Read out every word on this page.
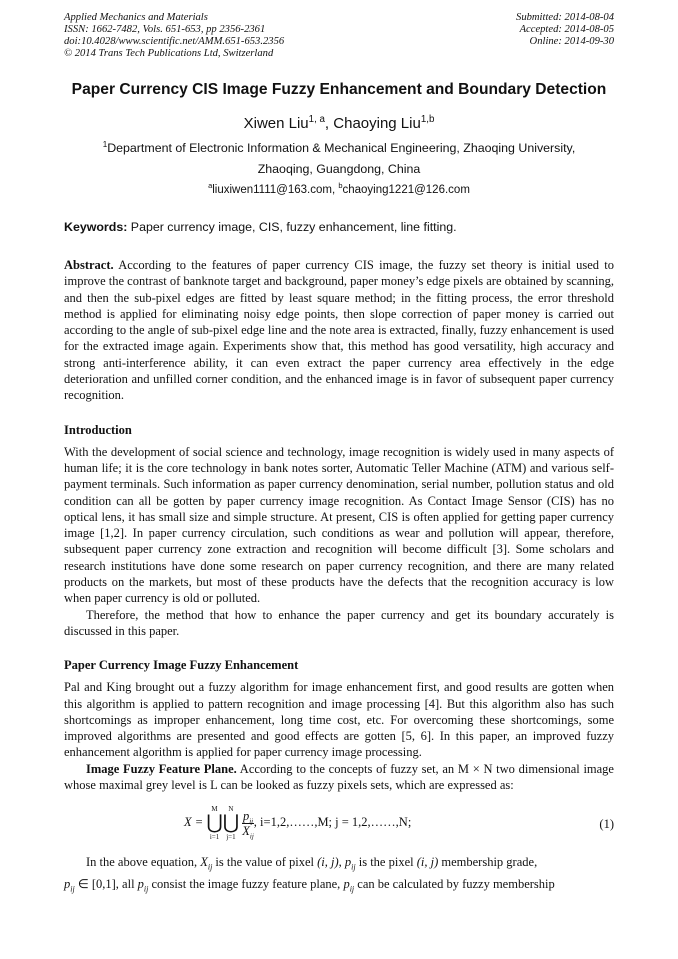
Applied Mechanics and Materials
ISSN: 1662-7482, Vols. 651-653, pp 2356-2361
doi:10.4028/www.scientific.net/AMM.651-653.2356
© 2014 Trans Tech Publications Ltd, Switzerland
Submitted: 2014-08-04
Accepted: 2014-08-05
Online: 2014-09-30
Paper Currency CIS Image Fuzzy Enhancement and Boundary Detection
Xiwen Liu$^{1, a}$, Chaoying Liu$^{1,b}$
$^1$Department of Electronic Information & Mechanical Engineering, Zhaoqing University,
Zhaoqing, Guangdong, China
$^a$liuxiwen1111@163.com, $^b$chaoying1221@126.com
Keywords: Paper currency image, CIS, fuzzy enhancement, line fitting.

Abstract. According to the features of paper currency CIS image, the fuzzy set theory is initial used to improve the contrast of banknote target and background, paper money’s edge pixels are obtained by scanning, and then the sub-pixel edges are fitted by least square method; in the fitting process, the error threshold method is applied for eliminating noisy edge points, then slope correction of paper money is carried out according to the angle of sub-pixel edge line and the note area is extracted, finally, fuzzy enhancement is used for the extracted image again. Experiments show that, this method has good versatility, high accuracy and strong anti-interference ability, it can even extract the paper currency area effectively in the edge deterioration and unfilled corner condition, and the enhanced image is in favor of subsequent paper currency recognition.

Introduction

With the development of social science and technology, image recognition is widely used in many aspects of human life; it is the core technology in bank notes sorter, Automatic Teller Machine (ATM) and various self-payment terminals. Such information as paper currency denomination, serial number, pollution status and old condition can all be gotten by paper currency image recognition. As Contact Image Sensor (CIS) has no optical lens, it has small size and simple structure. At present, CIS is often applied for getting paper currency image [1,2]. In paper currency circulation, such conditions as wear and pollution will appear, therefore, subsequent paper currency zone extraction and recognition will become difficult [3]. Some scholars and research institutions have done some research on paper currency recognition, and there are many related products on the markets, but most of these products have the defects that the recognition accuracy is low when paper currency is old or polluted.

Therefore, the method that how to enhance the paper currency and get its boundary accurately is discussed in this paper.

Paper Currency Image Fuzzy Enhancement

Pal and King brought out a fuzzy algorithm for image enhancement first, and good results are gotten when this algorithm is applied to pattern recognition and image processing [4]. But this algorithm also has such shortcomings as improper enhancement, long time cost, etc. For overcoming these shortcomings, some improved algorithms are presented and good effects are gotten [5, 6]. In this paper, an improved fuzzy enhancement algorithm is applied for paper currency image processing.

Image Fuzzy Feature Plane. According to the concepts of fuzzy set, an M × N two dimensional image whose maximal grey level is L can be looked as fuzzy pixels sets, which are expressed as:

X =
M
⋃
i=1
N
⋃
j=1
$\frac{p_{ij}}{X_{ij}}$ , i=1,2,……,M; j = 1,2,……,N;	(1)

In the above equation, $X_{ij}$ is the value of pixel (i, j), $p_{ij}$ is the pixel (i, j) membership grade,

$p_{ij}$ ∈ [0,1], all $p_{ij}$ consist the image fuzzy feature plane, $p_{ij}$ can be calculated by fuzzy membership
